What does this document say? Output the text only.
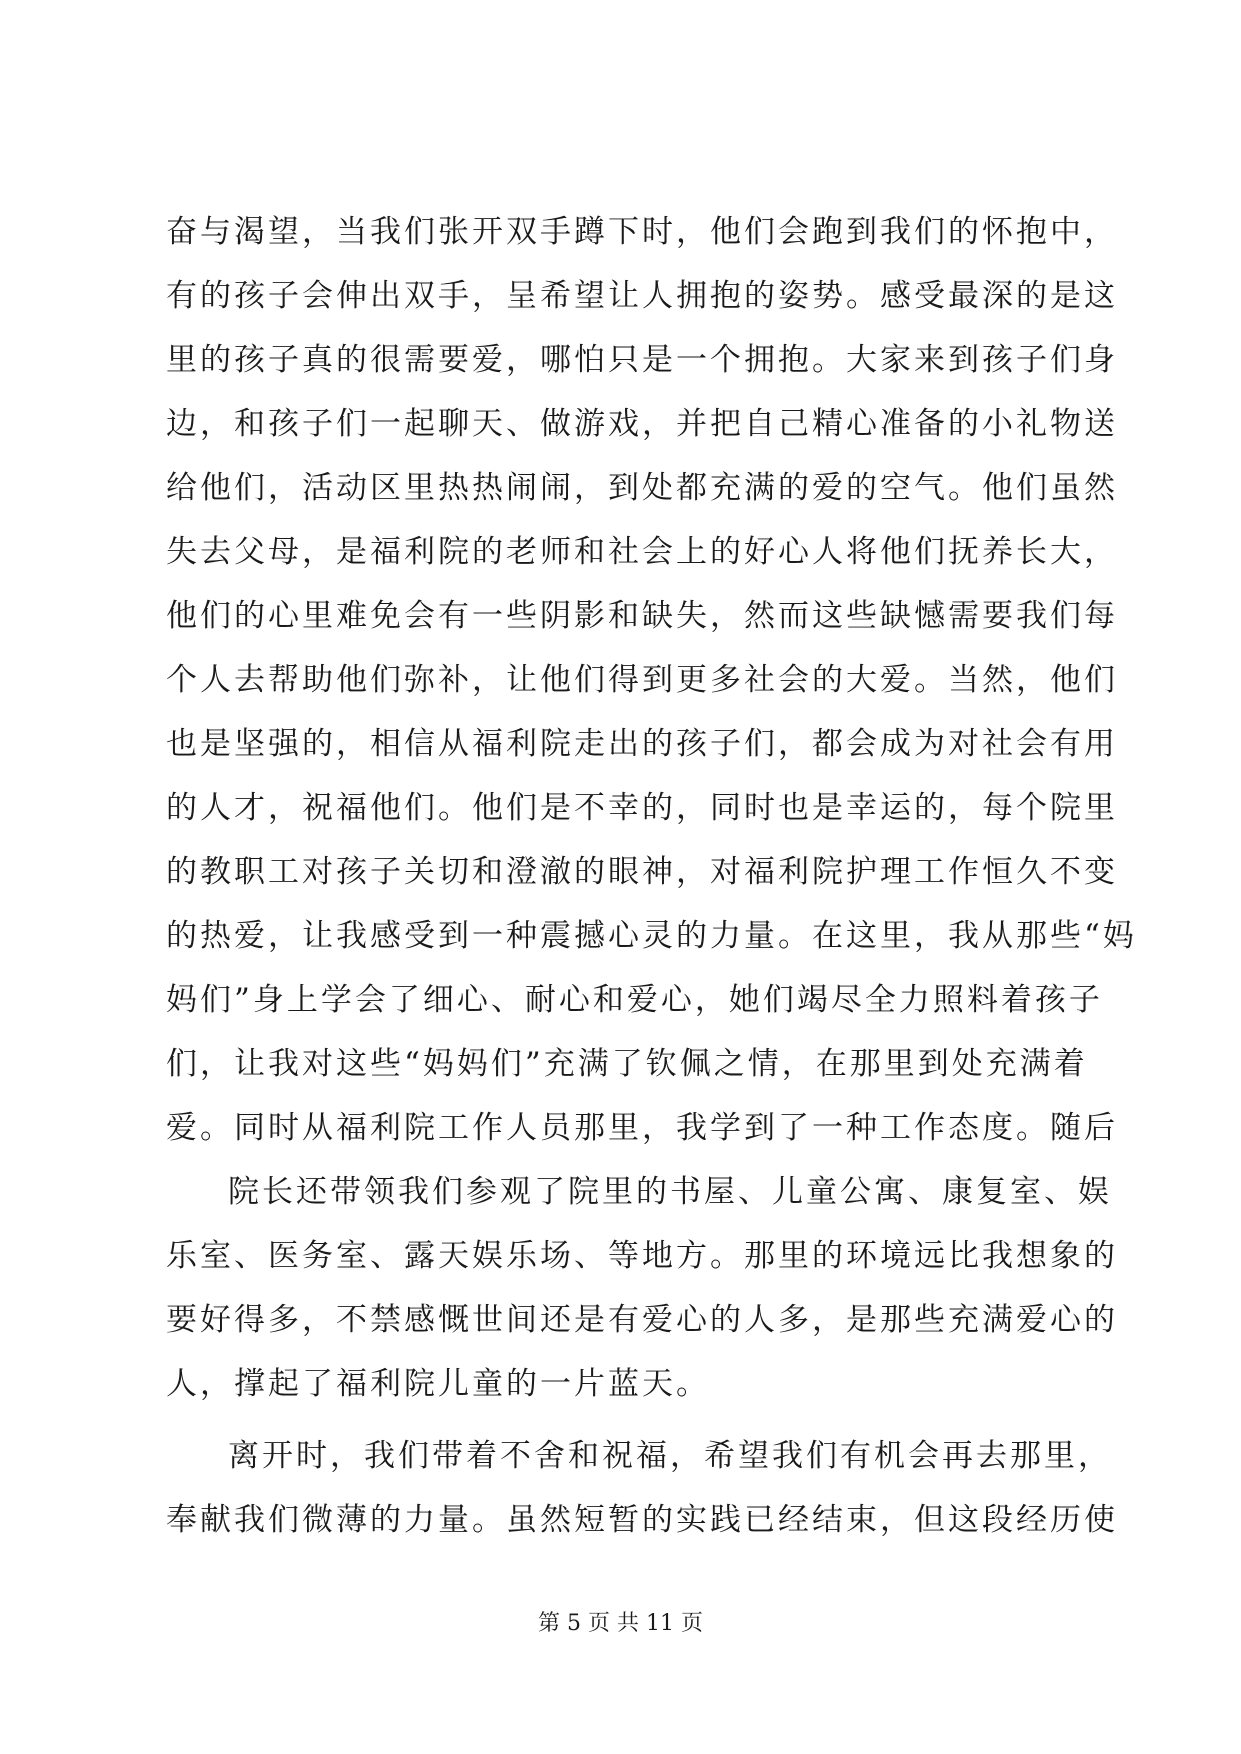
奋与渴望，当我们张开双手蹲下时，他们会跑到我们的怀抱中，
有的孩子会伸出双手，呈希望让人拥抱的姿势。感受最深的是这
里的孩子真的很需要爱，哪怕只是一个拥抱。大家来到孩子们身
边，和孩子们一起聊天、做游戏，并把自己精心准备的小礼物送
给他们，活动区里热热闹闹，到处都充满的爱的空气。他们虽然
失去父母，是福利院的老师和社会上的好心人将他们抚养长大，
他们的心里难免会有一些阴影和缺失，然而这些缺憾需要我们每
个人去帮助他们弥补，让他们得到更多社会的大爱。当然，他们
也是坚强的，相信从福利院走出的孩子们，都会成为对社会有用
的人才，祝福他们。他们是不幸的，同时也是幸运的，每个院里
的教职工对孩子关切和澄澈的眼神，对福利院护理工作恒久不变
的热爱，让我感受到一种震撼心灵的力量。在这里，我从那些“妈
妈们”身上学会了细心、耐心和爱心，她们竭尽全力照料着孩子
们，让我对这些“妈妈们”充满了钦佩之情，在那里到处充满着
爱。同时从福利院工作人员那里，我学到了一种工作态度。随后
院长还带领我们参观了院里的书屋、儿童公寓、康复室、娱
乐室、医务室、露天娱乐场、等地方。那里的环境远比我想象的
要好得多，不禁感慨世间还是有爱心的人多，是那些充满爱心的
人，撑起了福利院儿童的一片蓝天。
离开时，我们带着不舍和祝福，希望我们有机会再去那里，
奉献我们微薄的力量。虽然短暂的实践已经结束，但这段经历使
第 5 页 共 11 页
